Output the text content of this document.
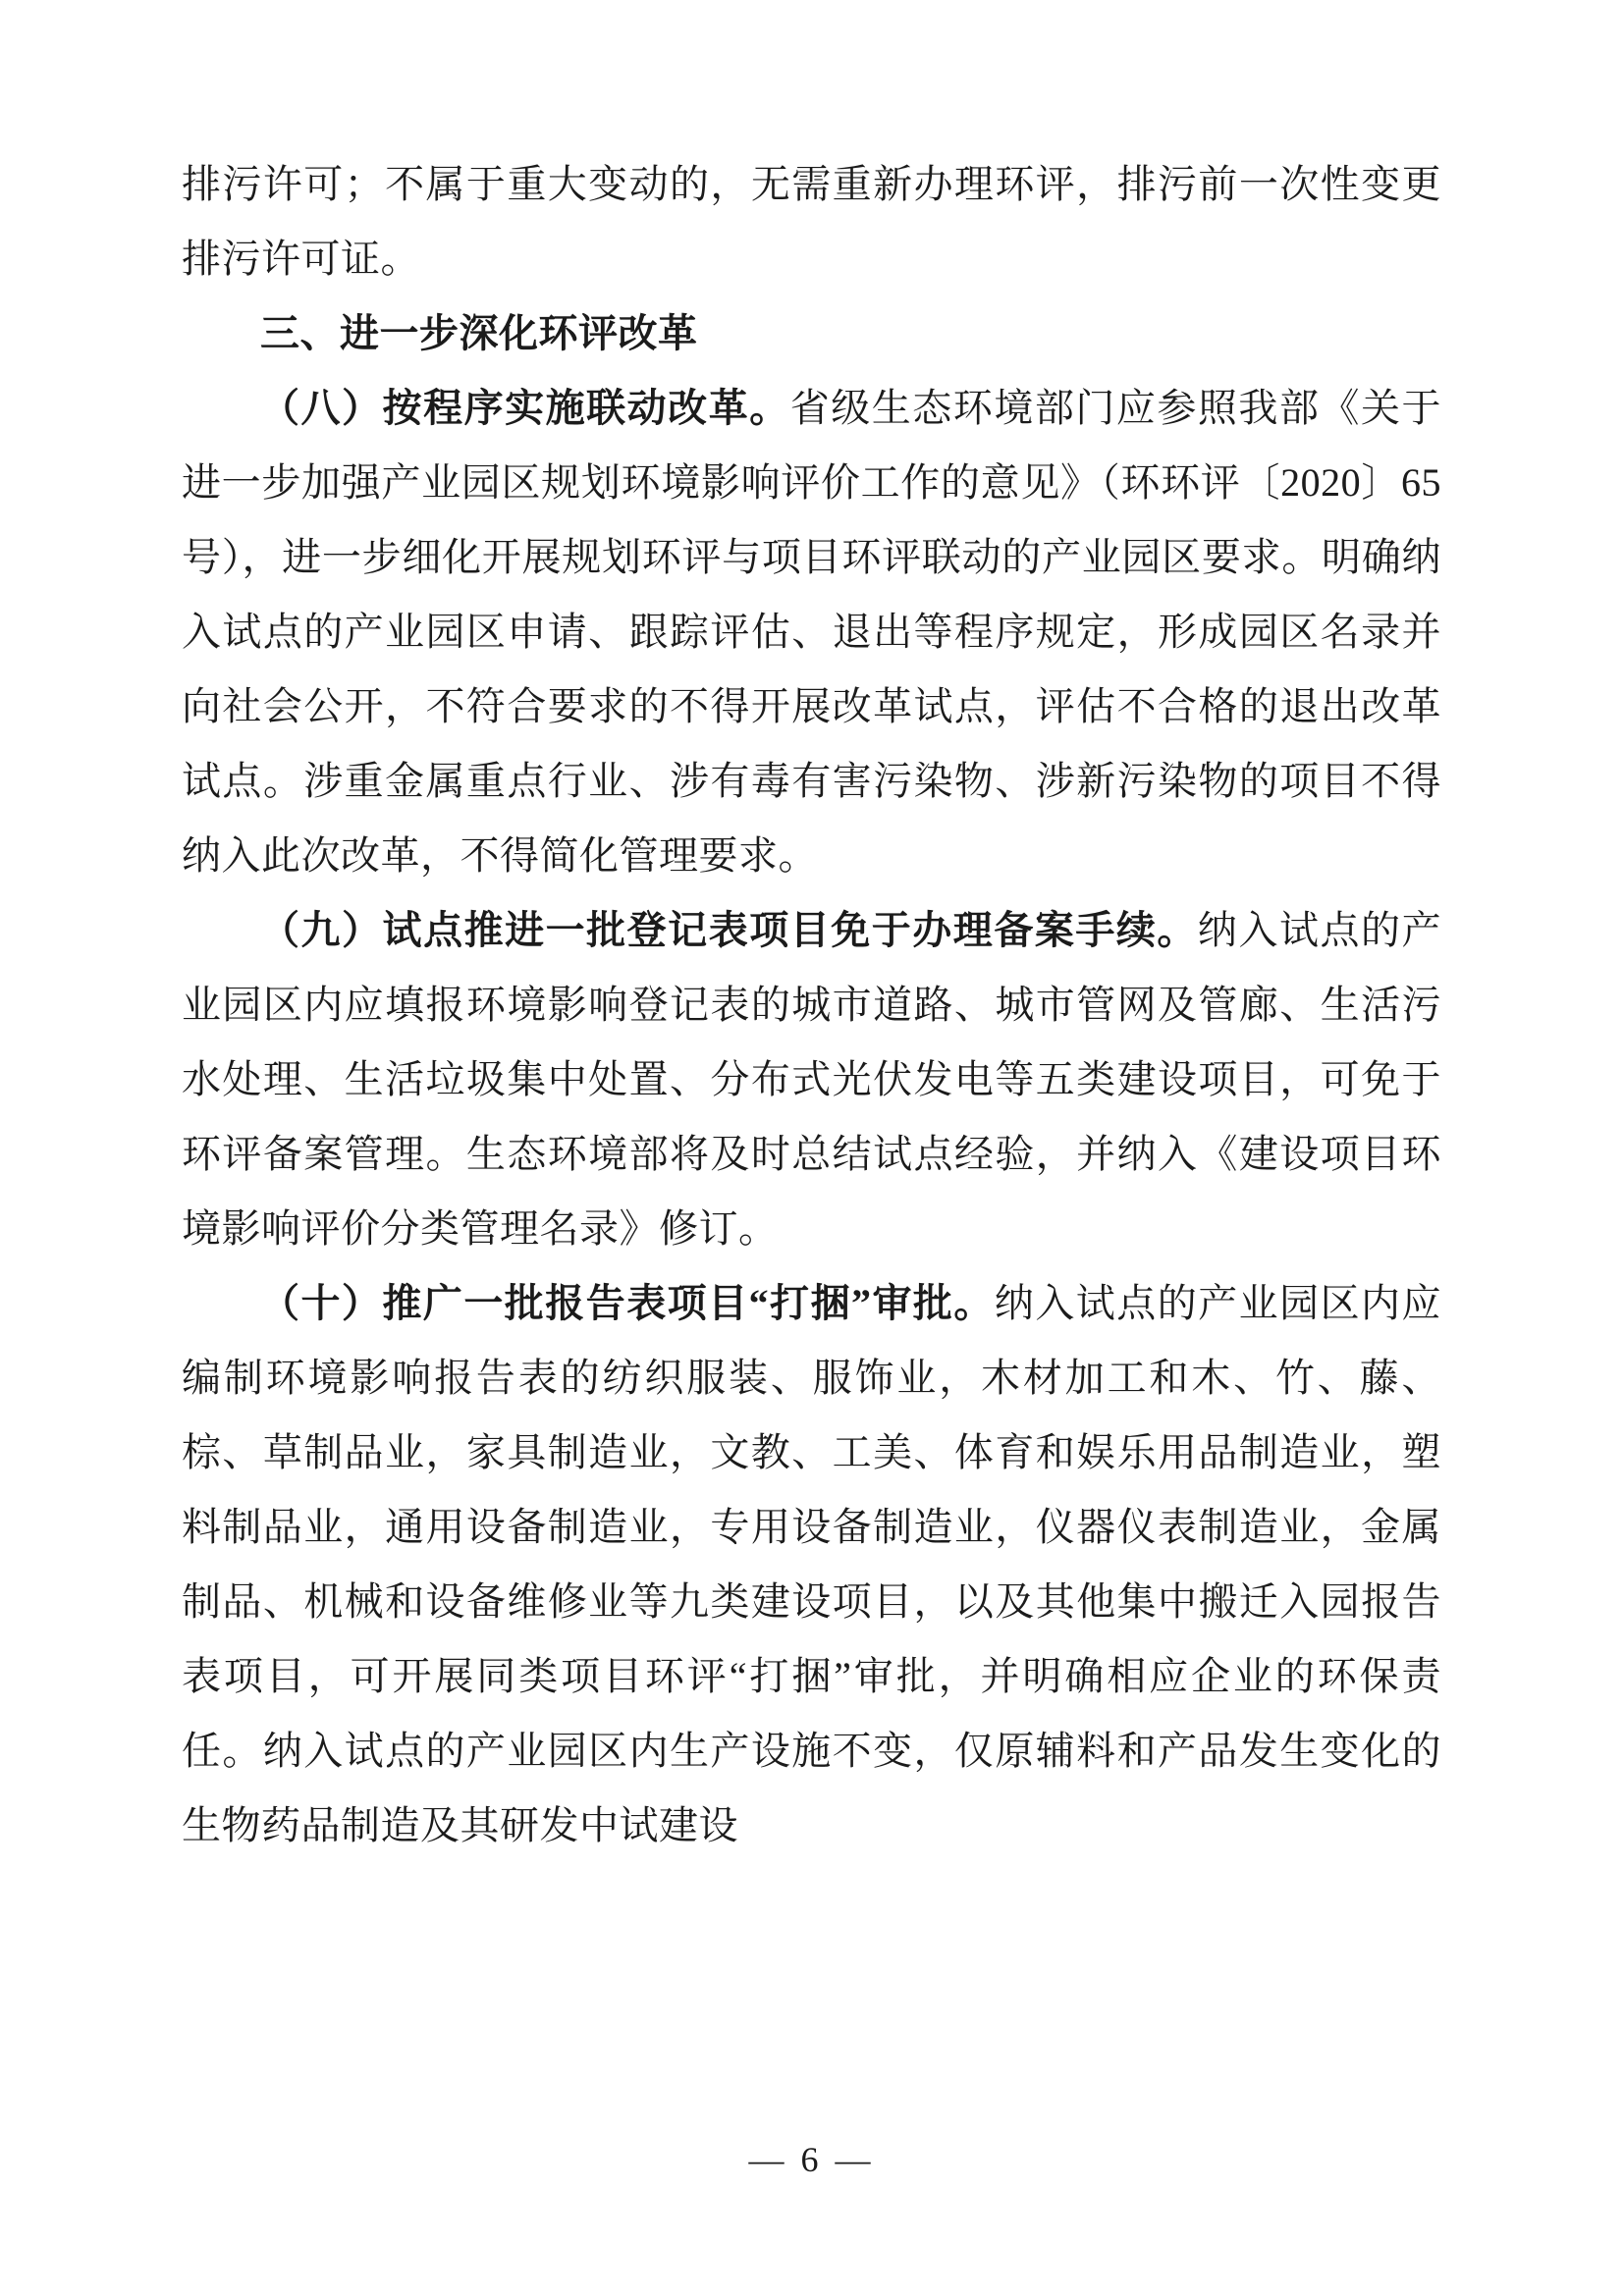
排污许可；不属于重大变动的，无需重新办理环评，排污前一次性变更排污许可证。

三、进一步深化环评改革

（八）按程序实施联动改革。省级生态环境部门应参照我部《关于进一步加强产业园区规划环境影响评价工作的意见》（环环评〔2020〕65 号），进一步细化开展规划环评与项目环评联动的产业园区要求。明确纳入试点的产业园区申请、跟踪评估、退出等程序规定，形成园区名录并向社会公开，不符合要求的不得开展改革试点，评估不合格的退出改革试点。涉重金属重点行业、涉有毒有害污染物、涉新污染物的项目不得纳入此次改革，不得简化管理要求。

（九）试点推进一批登记表项目免于办理备案手续。纳入试点的产业园区内应填报环境影响登记表的城市道路、城市管网及管廊、生活污水处理、生活垃圾集中处置、分布式光伏发电等五类建设项目，可免于环评备案管理。生态环境部将及时总结试点经验，并纳入《建设项目环境影响评价分类管理名录》修订。

（十）推广一批报告表项目“打捆”审批。纳入试点的产业园区内应编制环境影响报告表的纺织服装、服饰业，木材加工和木、竹、藤、棕、草制品业，家具制造业，文教、工美、体育和娱乐用品制造业，塑料制品业，通用设备制造业，专用设备制造业，仪器仪表制造业，金属制品、机械和设备维修业等九类建设项目，以及其他集中搬迁入园报告表项目，可开展同类项目环评“打捆”审批，并明确相应企业的环保责任。纳入试点的产业园区内生产设施不变，仅原辅料和产品发生变化的生物药品制造及其研发中试建设

— 6 —
